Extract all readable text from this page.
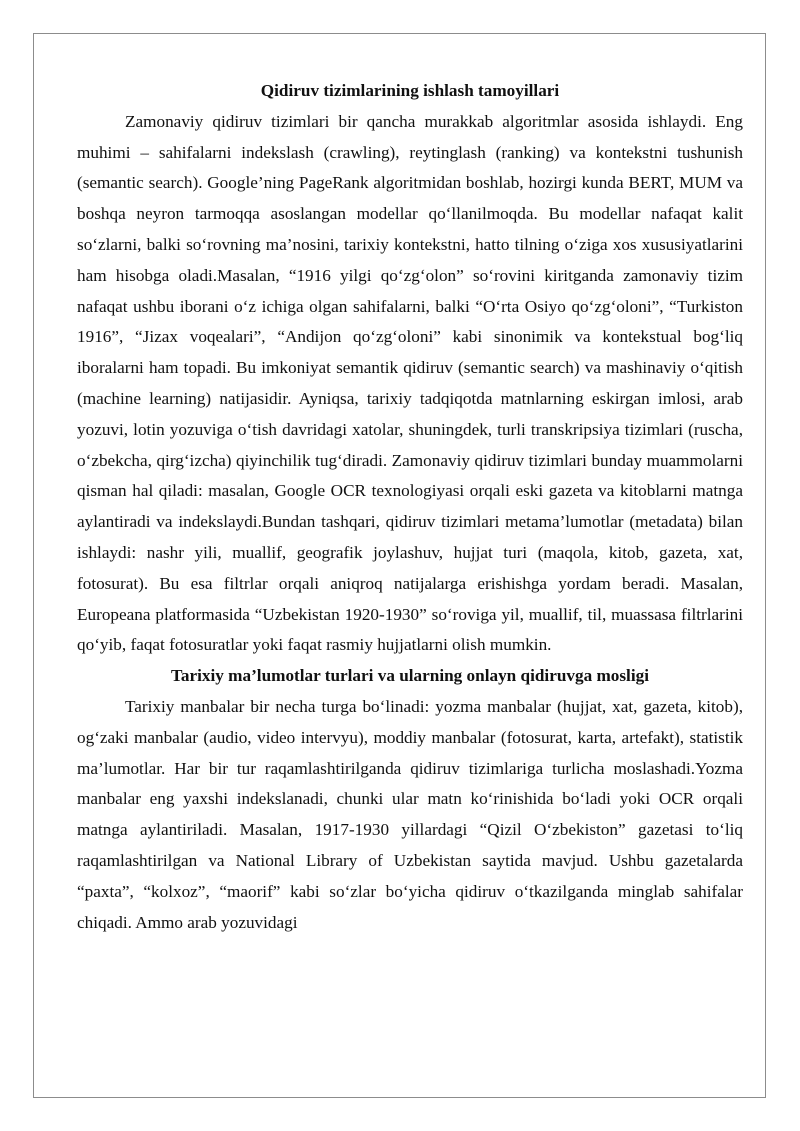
Qidiruv tizimlarining ishlash tamoyillari

Zamonaviy qidiruv tizimlari bir qancha murakkab algoritmlar asosida ishlaydi. Eng muhimi – sahifalarni indekslash (crawling), reytinglash (ranking) va kontekstni tushunish (semantic search). Google’ning PageRank algoritmidan boshlab, hozirgi kunda BERT, MUM va boshqa neyron tarmoqqa asoslangan modellar qo‘llanilmoqda. Bu modellar nafaqat kalit so‘zlarni, balki so‘rovning ma’nosini, tarixiy kontekstni, hatto tilning o‘ziga xos xususiyatlarini ham hisobga oladi.Masalan, “1916 yilgi qo‘zg‘olon” so‘rovini kiritganda zamonaviy tizim nafaqat ushbu iborani o‘z ichiga olgan sahifalarni, balki “O‘rta Osiyo qo‘zg‘oloni”, “Turkiston 1916”, “Jizax voqealari”, “Andijon qo‘zg‘oloni” kabi sinonimik va kontekstual bog‘liq iboralarni ham topadi. Bu imkoniyat semantik qidiruv (semantic search) va mashinaviy o‘qitish (machine learning) natijasidir. Ayniqsa, tarixiy tadqiqotda matnlarning eskirgan imlosi, arab yozuvi, lotin yozuviga o‘tish davridagi xatolar, shuningdek, turli transkripsiya tizimlari (ruscha, o‘zbekcha, qirg‘izcha) qiyinchilik tug‘diradi. Zamonaviy qidiruv tizimlari bunday muammolarni qisman hal qiladi: masalan, Google OCR texnologiyasi orqali eski gazeta va kitoblarni matnga aylantiradi va indekslaydi.Bundan tashqari, qidiruv tizimlari metama’lumotlar (metadata) bilan ishlaydi: nashr yili, muallif, geografik joylashuv, hujjat turi (maqola, kitob, gazeta, xat, fotosurat). Bu esa filtrlar orqali aniqroq natijalarga erishishga yordam beradi. Masalan, Europeana platformasida “Uzbekistan 1920-1930” so‘roviga yil, muallif, til, muassasa filtrlarini qo‘yib, faqat fotosuratlar yoki faqat rasmiy hujjatlarni olish mumkin.

Tarixiy ma’lumotlar turlari va ularning onlayn qidiruvga mosligi

Tarixiy manbalar bir necha turga bo‘linadi: yozma manbalar (hujjat, xat, gazeta, kitob), og‘zaki manbalar (audio, video intervyu), moddiy manbalar (fotosurat, karta, artefakt), statistik ma’lumotlar. Har bir tur raqamlashtirilganda qidiruv tizimlariga turlicha moslashadi.Yozma manbalar eng yaxshi indekslanadi, chunki ular matn ko‘rinishida bo‘ladi yoki OCR orqali matnga aylantiriladi. Masalan, 1917-1930 yillardagi “Qizil O‘zbekiston” gazetasi to‘liq raqamlashtirilgan va National Library of Uzbekistan saytida mavjud. Ushbu gazetalarda “paxta”, “kolxoz”, “maorif” kabi so‘zlar bo‘yicha qidiruv o‘tkazilganda minglab sahifalar chiqadi. Ammo arab yozuvidagi
